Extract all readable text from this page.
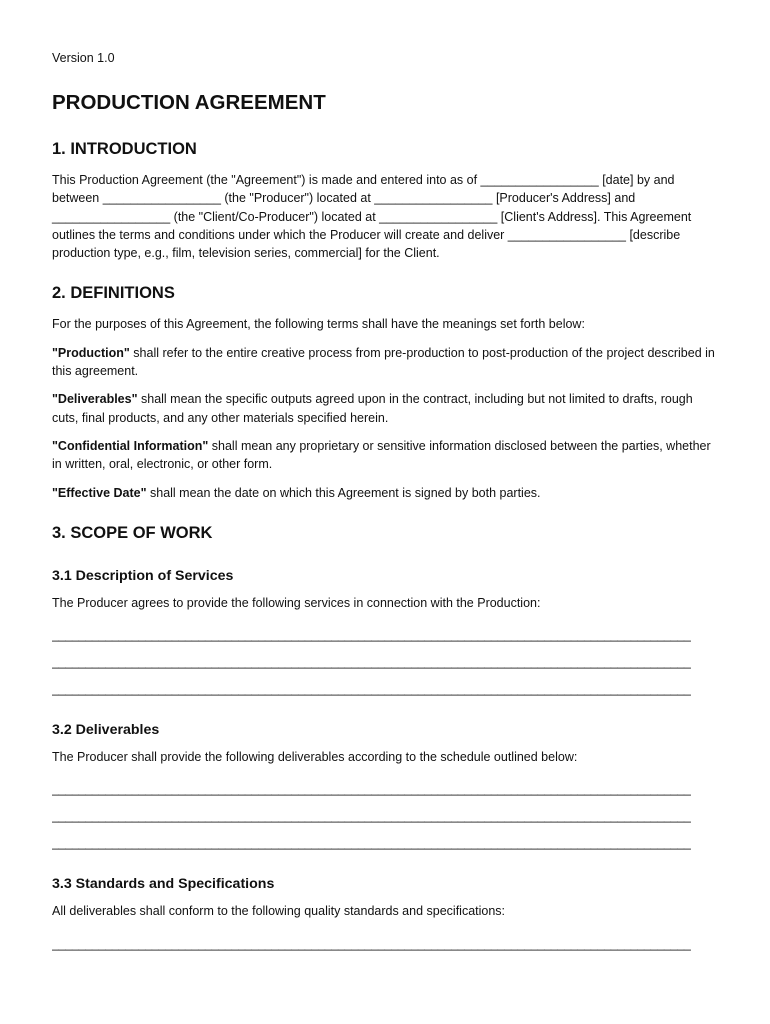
Version 1.0

PRODUCTION AGREEMENT
1. INTRODUCTION

This Production Agreement (the "Agreement") is made and entered into as of _________________ [date] by and between _________________ (the "Producer") located at _________________ [Producer's Address] and _________________ (the "Client/Co-Producer") located at _________________ [Client's Address]. This Agreement outlines the terms and conditions under which the Producer will create and deliver _________________ [describe production type, e.g., film, television series, commercial] for the Client.

2. DEFINITIONS

For the purposes of this Agreement, the following terms shall have the meanings set forth below:

"Production" shall refer to the entire creative process from pre-production to post-production of the project described in this agreement.

"Deliverables" shall mean the specific outputs agreed upon in the contract, including but not limited to drafts, rough cuts, final products, and any other materials specified herein.

"Confidential Information" shall mean any proprietary or sensitive information disclosed between the parties, whether in written, oral, electronic, or other form.

"Effective Date" shall mean the date on which this Agreement is signed by both parties.

3. SCOPE OF WORK
3.1 Description of Services

The Producer agrees to provide the following services in connection with the Production:

________________________________________________________________________________________________
________________________________________________________________________________________________
________________________________________________________________________________________________
3.2 Deliverables

The Producer shall provide the following deliverables according to the schedule outlined below:

________________________________________________________________________________________________
________________________________________________________________________________________________
________________________________________________________________________________________________
3.3 Standards and Specifications

All deliverables shall conform to the following quality standards and specifications:

________________________________________________________________________________________________
